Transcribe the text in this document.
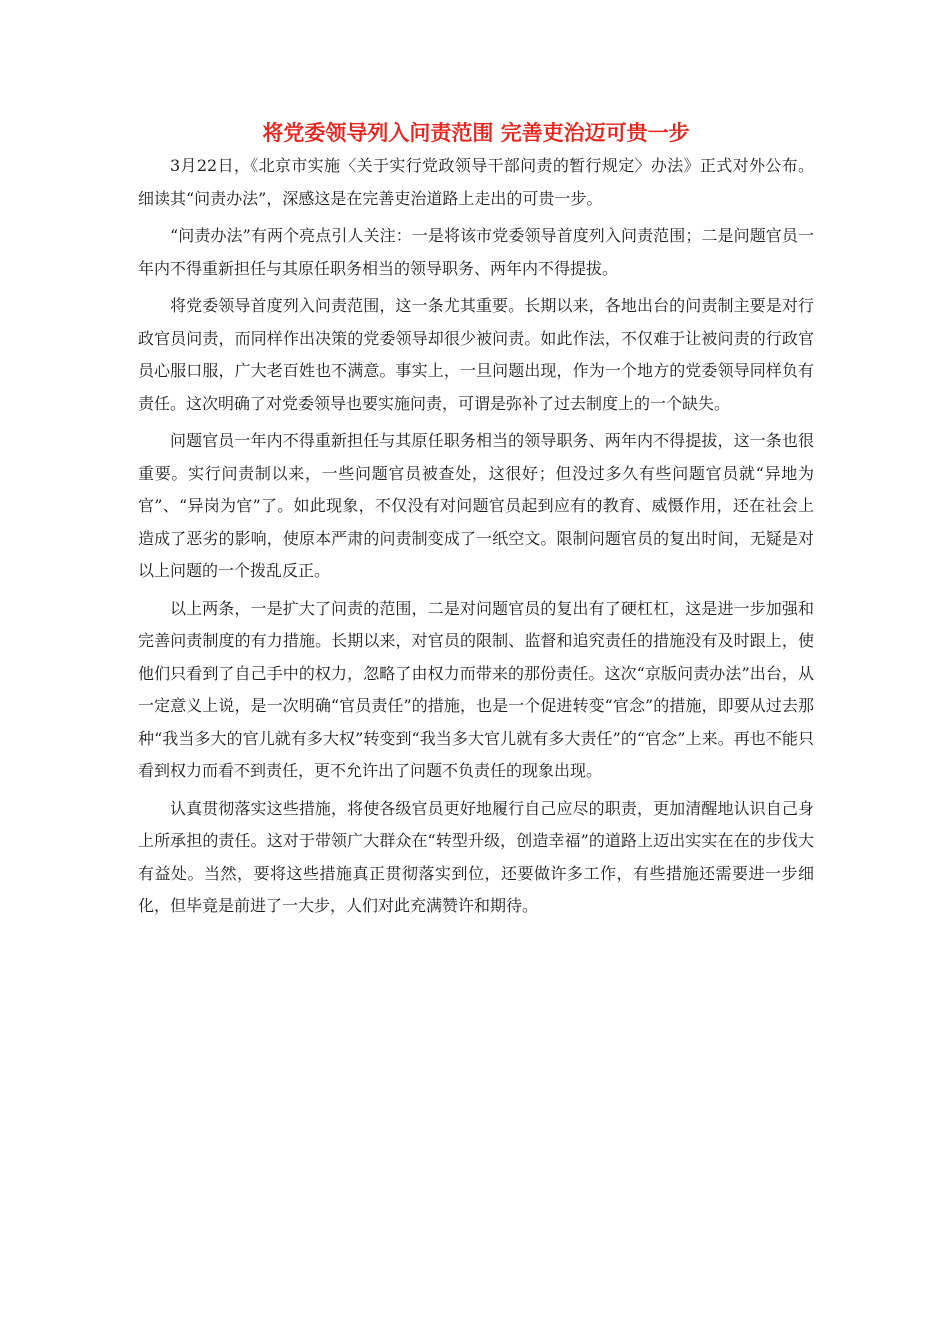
将党委领导列入问责范围 完善吏治迈可贵一步

3月22日，《北京市实施〈关于实行党政领导干部问责的暂行规定〉办法》正式对外公布。细读其“问责办法”，深感这是在完善吏治道路上走出的可贵一步。

“问责办法”有两个亮点引人关注：一是将该市党委领导首度列入问责范围；二是问题官员一年内不得重新担任与其原任职务相当的领导职务、两年内不得提拔。

将党委领导首度列入问责范围，这一条尤其重要。长期以来，各地出台的问责制主要是对行政官员问责，而同样作出决策的党委领导却很少被问责。如此作法，不仅难于让被问责的行政官员心服口服，广大老百姓也不满意。事实上，一旦问题出现，作为一个地方的党委领导同样负有责任。这次明确了对党委领导也要实施问责，可谓是弥补了过去制度上的一个缺失。

问题官员一年内不得重新担任与其原任职务相当的领导职务、两年内不得提拔，这一条也很重要。实行问责制以来，一些问题官员被查处，这很好；但没过多久有些问题官员就“异地为官”、“异岗为官”了。如此现象，不仅没有对问题官员起到应有的教育、威慑作用，还在社会上造成了恶劣的影响，使原本严肃的问责制变成了一纸空文。限制问题官员的复出时间，无疑是对以上问题的一个拨乱反正。

以上两条，一是扩大了问责的范围，二是对问题官员的复出有了硬杠杠，这是进一步加强和完善问责制度的有力措施。长期以来，对官员的限制、监督和追究责任的措施没有及时跟上，使他们只看到了自己手中的权力，忽略了由权力而带来的那份责任。这次“京版问责办法”出台，从一定意义上说，是一次明确“官员责任”的措施，也是一个促进转变“官念”的措施，即要从过去那种“我当多大的官儿就有多大权”转变到“我当多大官儿就有多大责任”的“官念”上来。再也不能只看到权力而看不到责任，更不允许出了问题不负责任的现象出现。

认真贯彻落实这些措施，将使各级官员更好地履行自己应尽的职责，更加清醒地认识自己身上所承担的责任。这对于带领广大群众在“转型升级，创造幸福”的道路上迈出实实在在的步伐大有益处。当然，要将这些措施真正贯彻落实到位，还要做许多工作，有些措施还需要进一步细化，但毕竟是前进了一大步，人们对此充满赞许和期待。
